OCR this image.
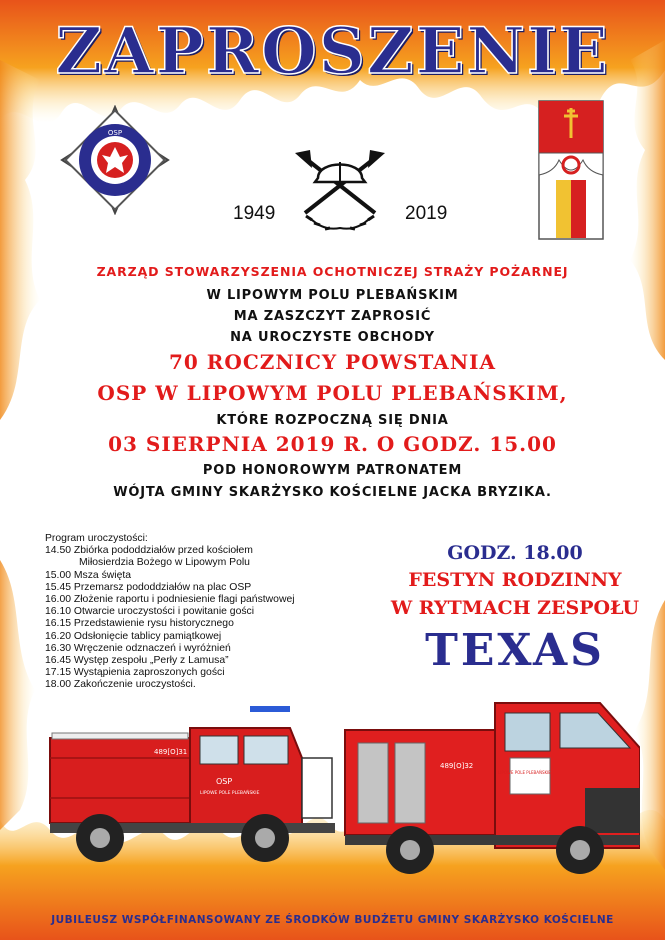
ZAPROSZENIE
OSP
1949	2019
ZARZĄD STOWARZYSZENIA OCHOTNICZEJ STRAŻY POŻARNEJ
W LIPOWYM POLU PLEBAŃSKIM
MA ZASZCZYT ZAPROSIĆ
NA UROCZYSTE OBCHODY
70 ROCZNICY POWSTANIA
OSP W LIPOWYM POLU PLEBAŃSKIM,
KTÓRE ROZPOCZNĄ SIĘ DNIA
03 SIERPNIA 2019 R. O GODZ. 15.00
POD HONOROWYM PATRONATEM
WÓJTA GMINY SKARŻYSKO KOŚCIELNE JACKA BRYZIKA.
Program uroczystości:
14.50 Zbiórka pododdziałów przed kościołem
Miłosierdzia Bożego w Lipowym Polu
15.00 Msza święta
15.45 Przemarsz pododdziałów na plac OSP
16.00 Złożenie raportu i podniesienie flagi państwowej
16.10 Otwarcie uroczystości i powitanie gości
16.15 Przedstawienie rysu historycznego
16.20 Odsłonięcie tablicy pamiątkowej
16.30 Wręczenie odznaczeń i wyróżnień
16.45 Występ zespołu „Perły z Lamusa”
17.15 Wystąpienia zaproszonych gości
18.00 Zakończenie uroczystości.
GODZ. 18.00
FESTYN RODZINNY
W RYTMACH ZESPOŁU
TEXAS
OSP
LIPOWE POLE PLEBAŃSKIE
489[O]31
LIPOWE POLE PLEBAŃSKIE
489[O]32
JUBILEUSZ WSPÓŁFINANSOWANY ZE ŚRODKÓW BUDŻETU GMINY SKARŻYSKO KOŚCIELNE
